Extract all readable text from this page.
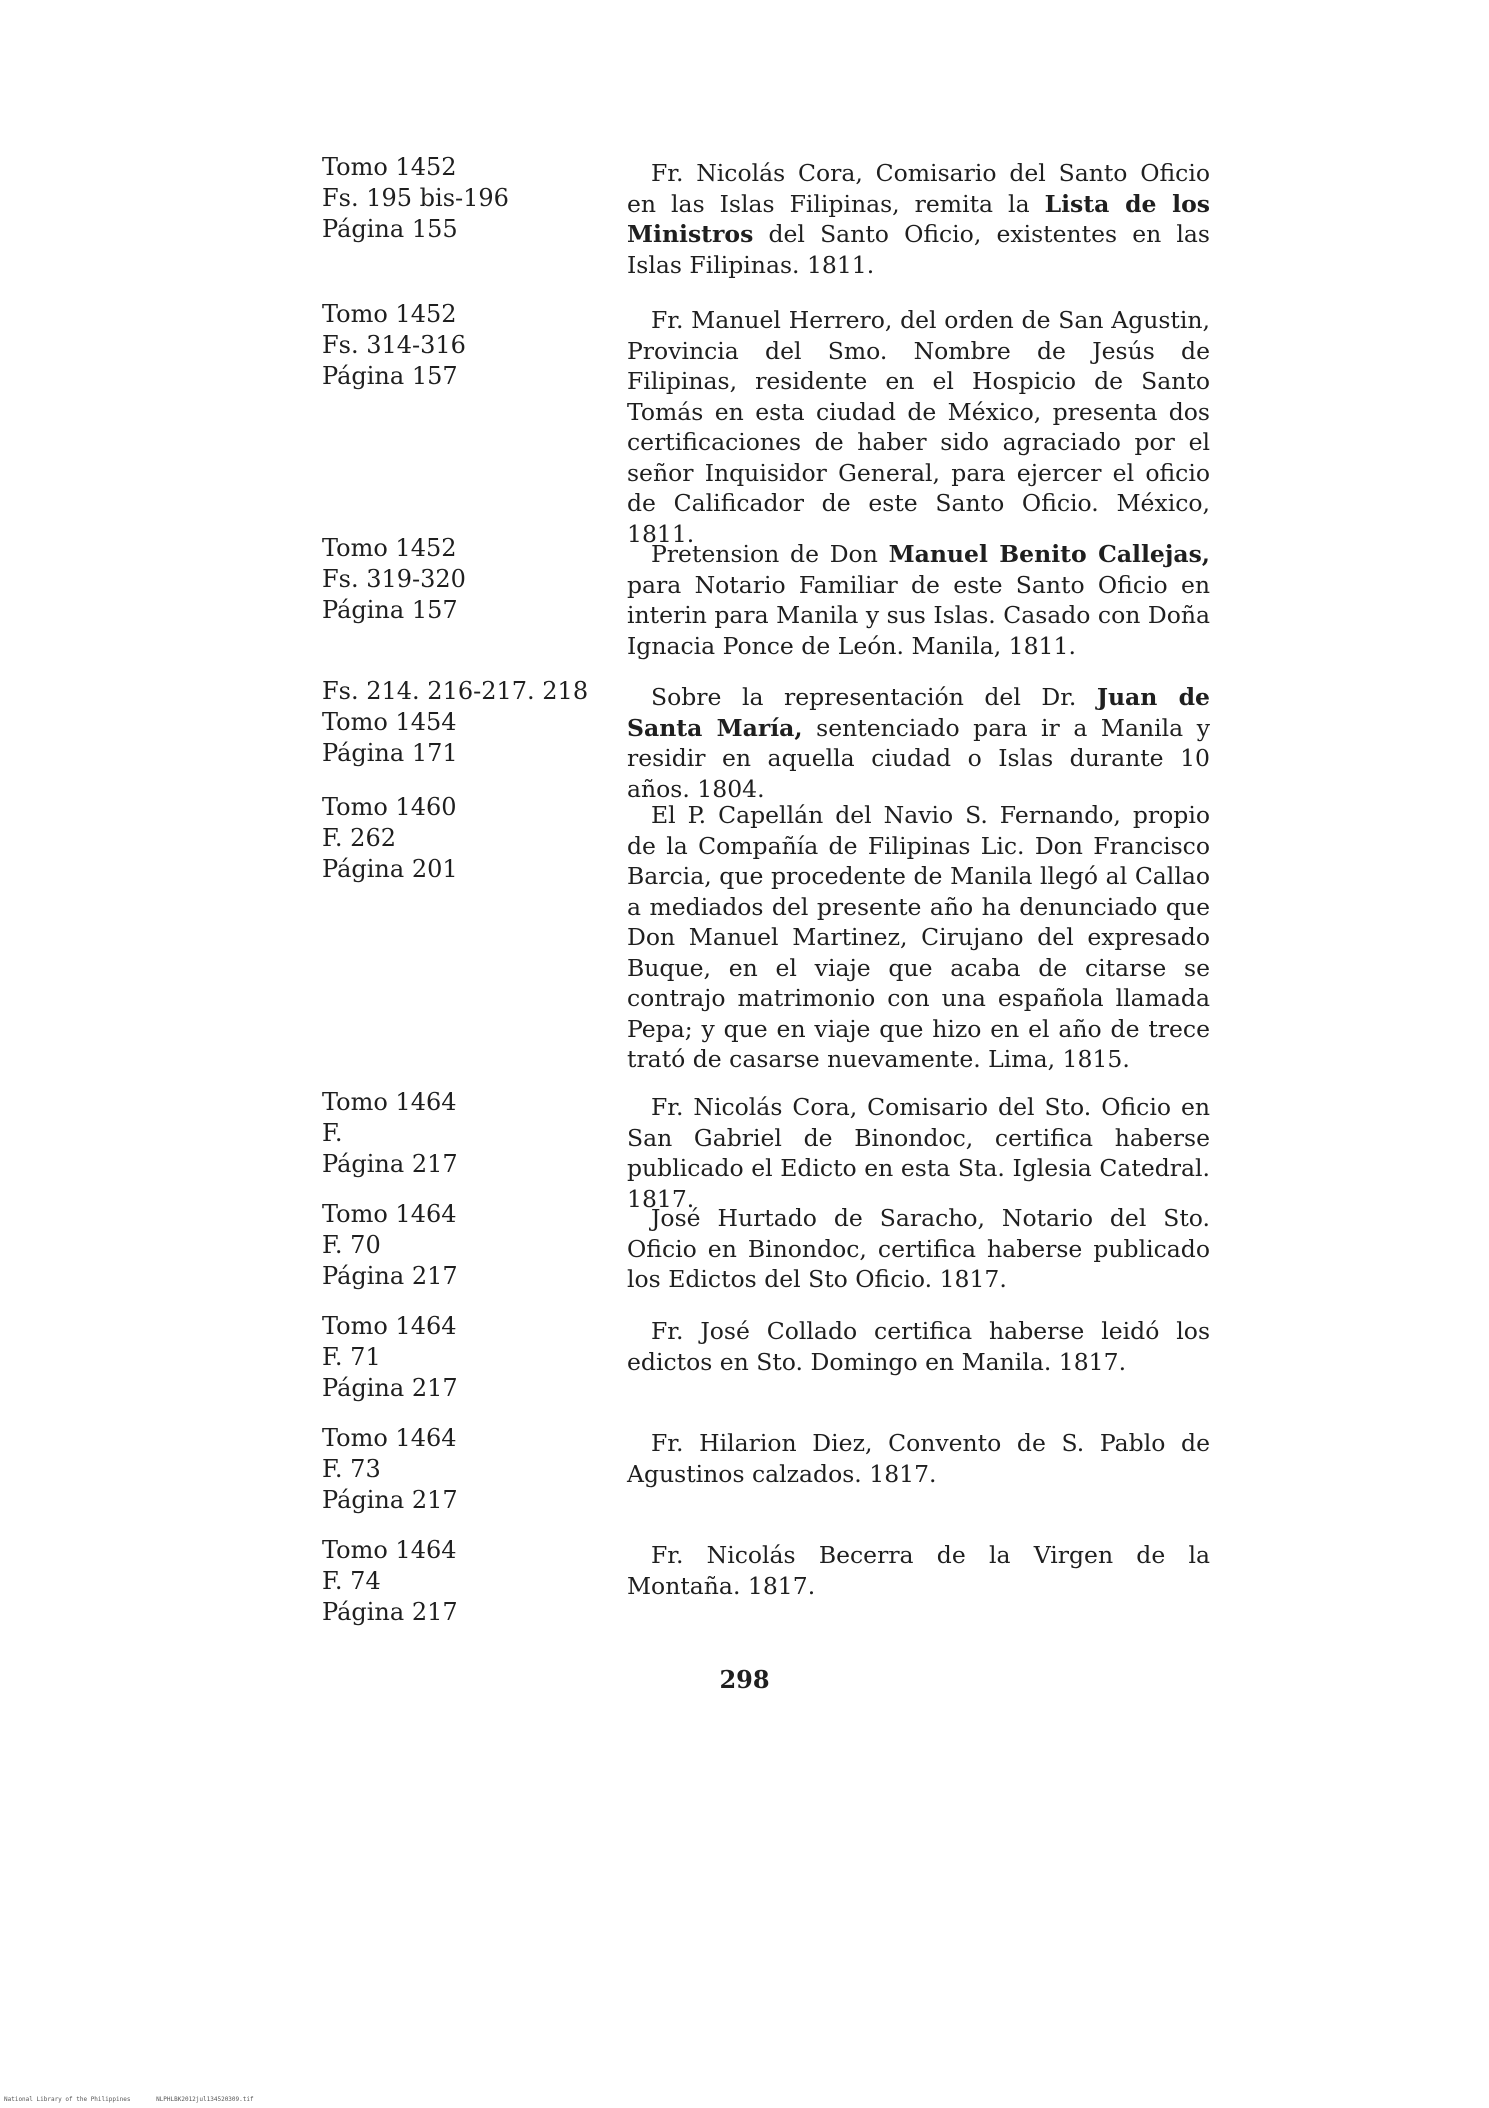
Tomo 1452
Fs. 195 bis-196
Página 155

Fr. Nicolás Cora, Comisario del Santo Oficio en las Islas Filipinas, remita la Lista de los Ministros del Santo Oficio, existentes en las Islas Filipinas. 1811.

Tomo 1452
Fs. 314-316
Página 157

Fr. Manuel Herrero, del orden de San Agustin, Provincia del Smo. Nombre de Jesús de Filipinas, residente en el Hospicio de Santo Tomás en esta ciudad de México, presenta dos certificaciones de haber sido agraciado por el señor Inquisidor General, para ejercer el oficio de Calificador de este Santo Oficio. México, 1811.

Tomo 1452
Fs. 319-320
Página 157

Pretension de Don Manuel Benito Callejas, para Notario Familiar de este Santo Oficio en interin para Manila y sus Islas. Casado con Doña Ignacia Ponce de León. Manila, 1811.

Fs. 214. 216-217. 218
Tomo 1454
Página 171

Sobre la representación del Dr. Juan de Santa María, sentenciado para ir a Manila y residir en aquella ciudad o Islas durante 10 años. 1804.

Tomo 1460
F. 262
Página 201

El P. Capellán del Navio S. Fernando, propio de la Compañía de Filipinas Lic. Don Francisco Barcia, que procedente de Manila llegó al Callao a mediados del presente año ha denunciado que Don Manuel Martinez, Cirujano del expresado Buque, en el viaje que acaba de citarse se contrajo matrimonio con una española llamada Pepa; y que en viaje que hizo en el año de trece trató de casarse nuevamente. Lima, 1815.

Tomo 1464
F.
Página 217

Fr. Nicolás Cora, Comisario del Sto. Oficio en San Gabriel de Binondoc, certifica haberse publicado el Edicto en esta Sta. Iglesia Catedral. 1817.

Tomo 1464
F. 70
Página 217

José Hurtado de Saracho, Notario del Sto. Oficio en Binondoc, certifica haberse publicado los Edictos del Sto Oficio. 1817.

Tomo 1464
F. 71
Página 217

Fr. José Collado certifica haberse leidó los edictos en Sto. Domingo en Manila. 1817.

Tomo 1464
F. 73
Página 217

Fr. Hilarion Diez, Convento de S. Pablo de Agustinos calzados. 1817.

Tomo 1464
F. 74
Página 217

Fr. Nicolás Becerra de la Virgen de la Montaña. 1817.

298
National Library of the Philippines	NLPHLBK2012jul134520309.tif
